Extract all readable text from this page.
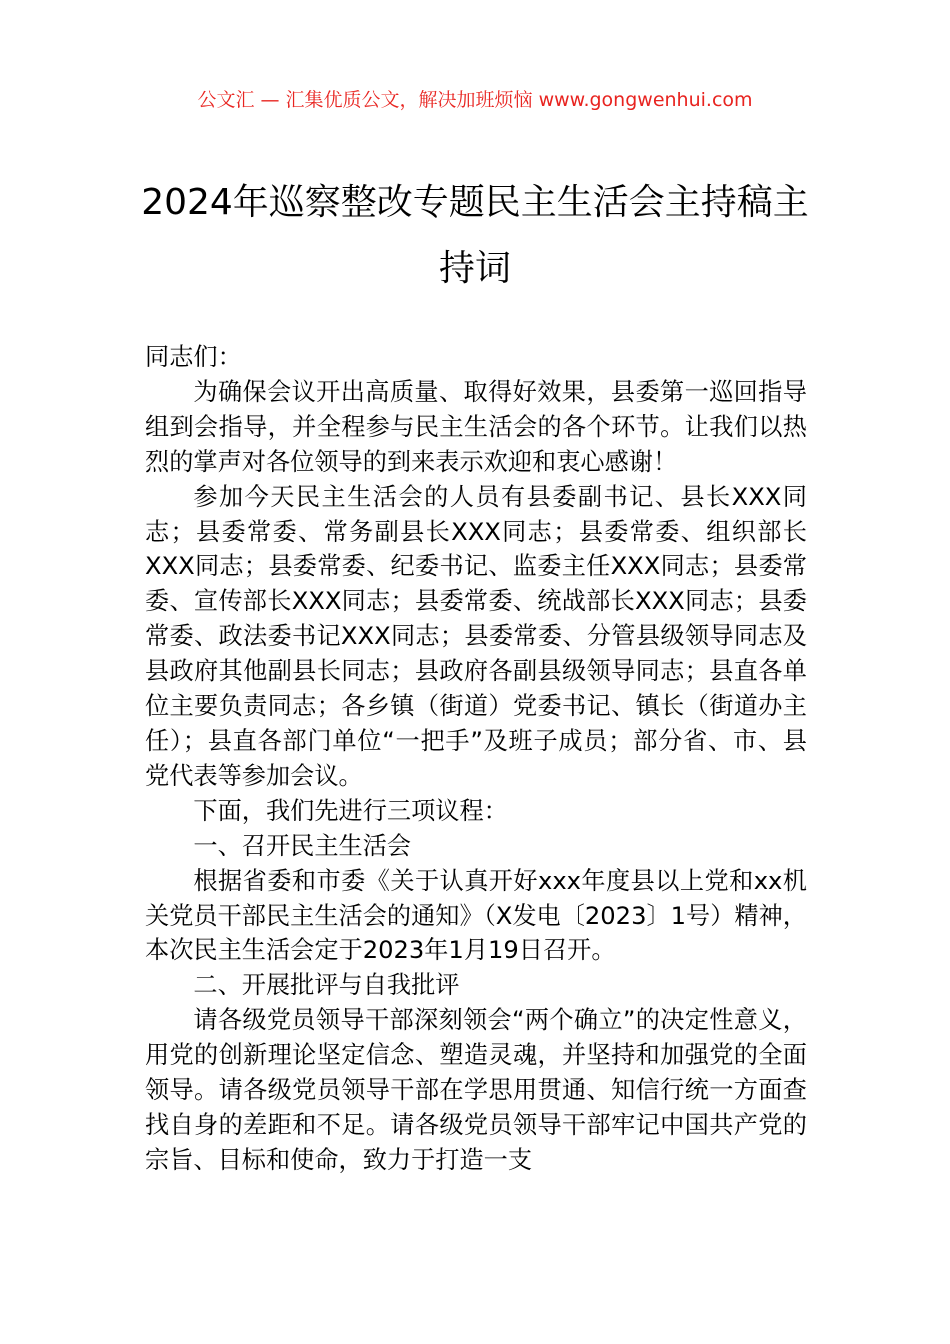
公文汇 — 汇集优质公文，解决加班烦恼 www.gongwenhui.com
2024年巡察整改专题民主生活会主持稿主
持词

同志们：

为确保会议开出高质量、取得好效果，县委第一巡回指导组到会指导，并全程参与民主生活会的各个环节。让我们以热烈的掌声对各位领导的到来表示欢迎和衷心感谢！

参加今天民主生活会的人员有县委副书记、县长XXX同志；县委常委、常务副县长XXX同志；县委常委、组织部长XXX同志；县委常委、纪委书记、监委主任XXX同志；县委常委、宣传部长XXX同志；县委常委、统战部长XXX同志；县委常委、政法委书记XXX同志；县委常委、分管县级领导同志及县政府其他副县长同志；县政府各副县级领导同志；县直各单位主要负责同志；各乡镇（街道）党委书记、镇长（街道办主任）；县直各部门单位“一把手”及班子成员；部分省、市、县党代表等参加会议。

下面，我们先进行三项议程：

一、召开民主生活会

根据省委和市委《关于认真开好xxx年度县以上党和xx机关党员干部民主生活会的通知》（X发电〔2023〕1号）精神，本次民主生活会定于2023年1月19日召开。

二、开展批评与自我批评

请各级党员领导干部深刻领会“两个确立”的决定性意义，用党的创新理论坚定信念、塑造灵魂，并坚持和加强党的全面领导。请各级党员领导干部在学思用贯通、知信行统一方面查找自身的差距和不足。请各级党员领导干部牢记中国共产党的宗旨、目标和使命，致力于打造一支
